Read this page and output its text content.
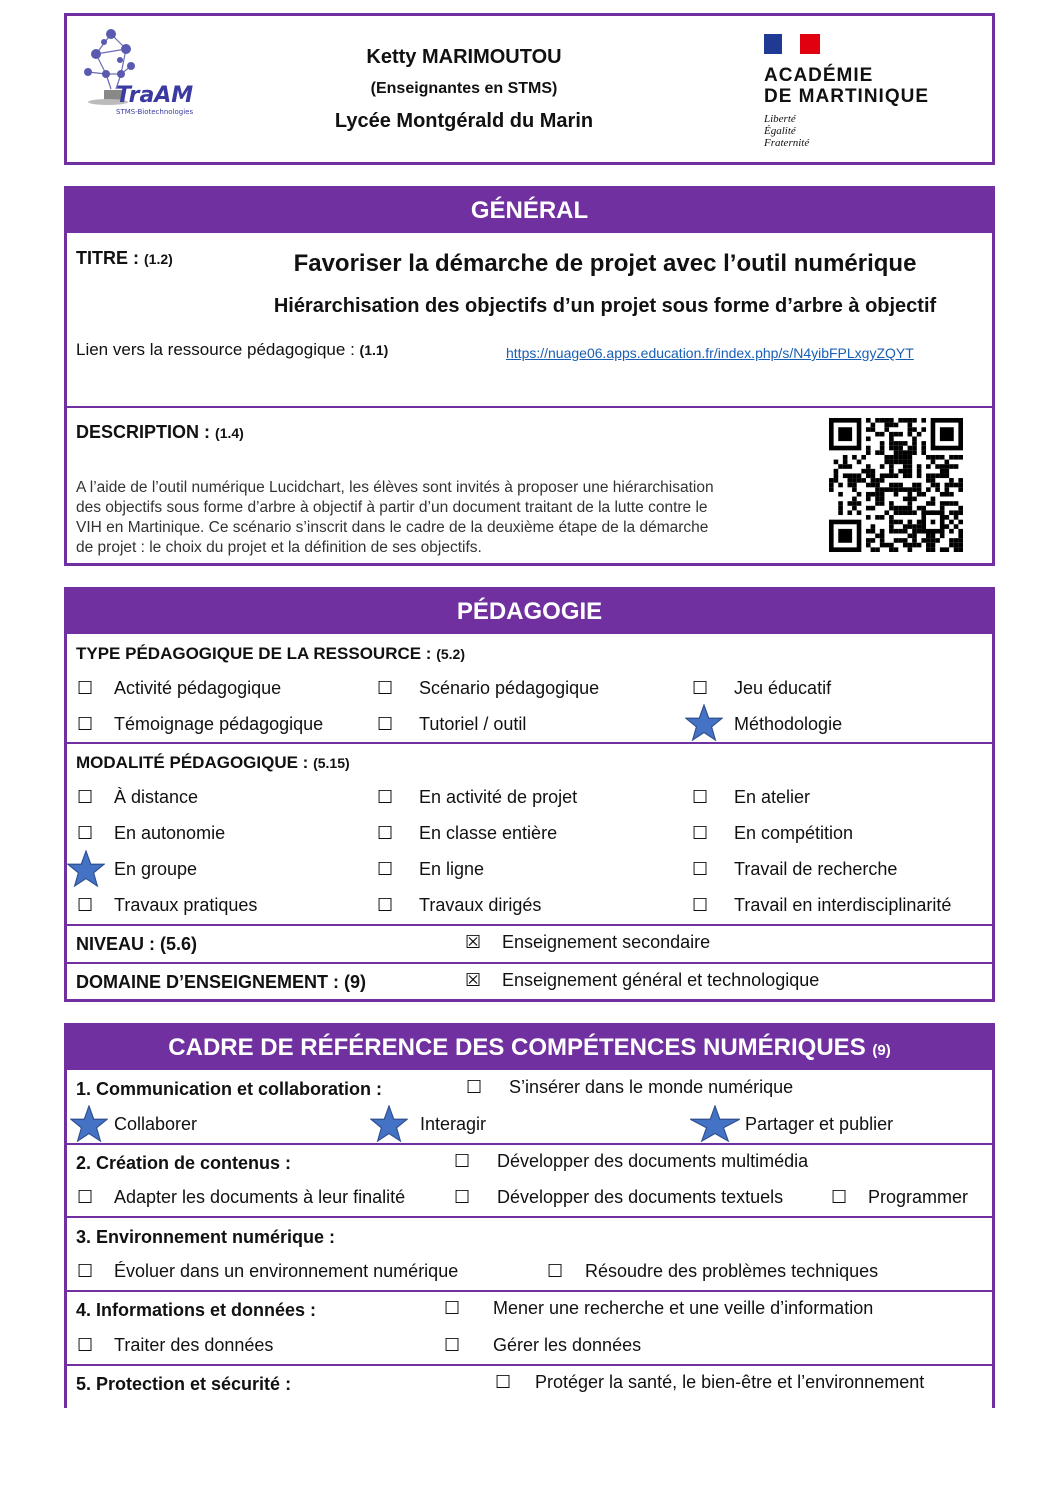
TraAM
STMS-Biotechnologies
Ketty MARIMOUTOU
(Enseignantes en STMS)
Lycée Montgérald du Marin
ACADÉMIE
DE MARTINIQUE
Liberté
Égalité
Fraternité
GÉNÉRAL
TITRE : (1.2)	Favoriser la démarche de projet avec l’outil numérique
Hiérarchisation des objectifs d’un projet sous forme d’arbre à objectif
Lien vers la ressource pédagogique : (1.1)	https://nuage06.apps.education.fr/index.php/s/N4yibFPLxgyZQYT
DESCRIPTION : (1.4)
A l’aide de l’outil numérique Lucidchart, les élèves sont invités à proposer une hiérarchisation
des objectifs sous forme d’arbre à objectif à partir d’un document traitant de la lutte contre le
VIH en Martinique. Ce scénario s’inscrit dans le cadre de la deuxième étape de la démarche
de projet : le choix du projet et la définition de ses objectifs.
PÉDAGOGIE
TYPE PÉDAGOGIQUE DE LA RESSOURCE : (5.2)
☐ Activité pédagogique	☐ Scénario pédagogique	☐ Jeu éducatif
☐ Témoignage pédagogique	☐ Tutoriel / outil	Méthodologie
MODALITÉ PÉDAGOGIQUE : (5.15)
☐ À distance	☐ En activité de projet	☐ En atelier
☐ En autonomie	☐ En classe entière	☐ En compétition
En groupe	☐ En ligne	☐ Travail de recherche
☐ Travaux pratiques	☐ Travaux dirigés	☐ Travail en interdisciplinarité
NIVEAU : (5.6)	☒ Enseignement secondaire
DOMAINE D’ENSEIGNEMENT : (9)	☒ Enseignement général et technologique
CADRE DE RÉFÉRENCE DES COMPÉTENCES NUMÉRIQUES (9)
1. Communication et collaboration :	☐ S’insérer dans le monde numérique
Collaborer	Interagir	Partager et publier
2. Création de contenus :	☐ Développer des documents multimédia
☐ Adapter les documents à leur finalité	☐ Développer des documents textuels	☐ Programmer
3. Environnement numérique :
☐ Évoluer dans un environnement numérique	☐ Résoudre des problèmes techniques
4. Informations et données :	☐ Mener une recherche et une veille d’information
☐ Traiter des données	☐ Gérer les données
5. Protection et sécurité :	☐ Protéger la santé, le bien-être et l’environnement
